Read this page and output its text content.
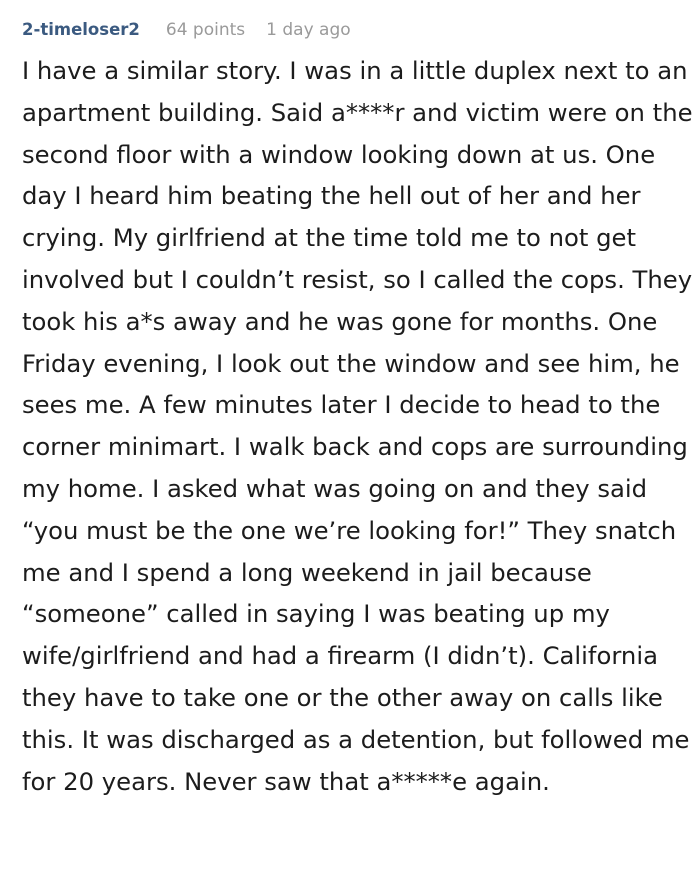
2-timeloser2 64 points 1 day ago

I have a similar story. I was in a little duplex next to an apartment building. Said a****r and victim were on the second floor with a window looking down at us. One day I heard him beating the hell out of her and her crying. My girlfriend at the time told me to not get involved but I couldn’t resist, so I called the cops. They took his a*s away and he was gone for months. One Friday evening, I look out the window and see him, he sees me. A few minutes later I decide to head to the corner minimart. I walk back and cops are surrounding my home. I asked what was going on and they said “you must be the one we’re looking for!” They snatch me and I spend a long weekend in jail because “someone” called in saying I was beating up my wife/girlfriend and had a firearm (I didn’t). California they have to take one or the other away on calls like this. It was discharged as a detention, but followed me for 20 years. Never saw that a*****e again.
